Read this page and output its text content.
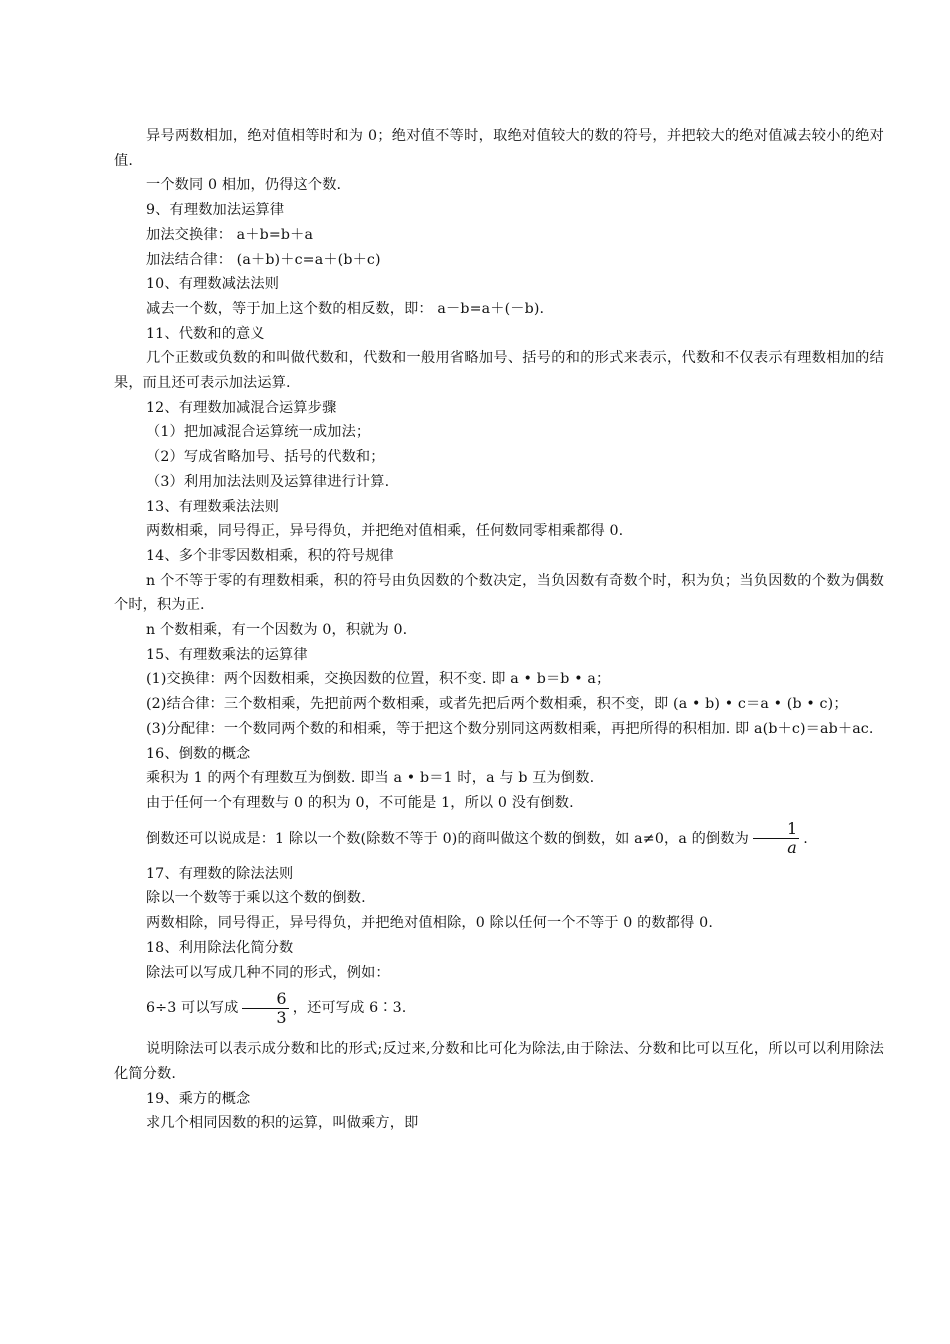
异号两数相加，绝对值相等时和为 0；绝对值不等时，取绝对值较大的数的符号，并把较大的绝对值减去较小的绝对值.

一个数同 0 相加，仍得这个数.

9、有理数加法运算律

加法交换律： a＋b=b＋a

加法结合律： (a＋b)＋c=a＋(b＋c)

10、有理数减法法则

减去一个数，等于加上这个数的相反数，即： a－b=a＋(－b).

11、代数和的意义

几个正数或负数的和叫做代数和，代数和一般用省略加号、括号的和的形式来表示，代数和不仅表示有理数相加的结果，而且还可表示加法运算.

12、有理数加减混合运算步骤

（1）把加减混合运算统一成加法；

（2）写成省略加号、括号的代数和；

（3）利用加法法则及运算律进行计算.

13、有理数乘法法则

两数相乘，同号得正，异号得负，并把绝对值相乘，任何数同零相乘都得 0.

14、多个非零因数相乘，积的符号规律

n 个不等于零的有理数相乘，积的符号由负因数的个数决定，当负因数有奇数个时，积为负；当负因数的个数为偶数个时，积为正.

n 个数相乘，有一个因数为 0，积就为 0.

15、有理数乘法的运算律

(1)交换律：两个因数相乘，交换因数的位置，积不变. 即 a • b＝b • a；

(2)结合律：三个数相乘，先把前两个数相乘，或者先把后两个数相乘，积不变，即 (a • b) • c＝a • (b • c)；

(3)分配律：一个数同两个数的和相乘，等于把这个数分别同这两数相乘，再把所得的积相加. 即 a(b＋c)＝ab＋ac.

16、倒数的概念

乘积为 1 的两个有理数互为倒数. 即当 a • b＝1 时，a 与 b 互为倒数.

由于任何一个有理数与 0 的积为 0，不可能是 1，所以 0 没有倒数.

倒数还可以说成是：1 除以一个数(除数不等于 0)的商叫做这个数的倒数，如 a≠0，a 的倒数为 $\frac{1}{a}$ .

17、有理数的除法法则

除以一个数等于乘以这个数的倒数.

两数相除，同号得正，异号得负，并把绝对值相除，0 除以任何一个不等于 0 的数都得 0.

18、利用除法化简分数

除法可以写成几种不同的形式，例如：

6÷3 可以写成 $\frac{6}{3}$ ，还可写成 6∶3.

说明除法可以表示成分数和比的形式;反过来,分数和比可化为除法,由于除法、分数和比可以互化，所以可以利用除法化简分数.

19、乘方的概念

求几个相同因数的积的运算，叫做乘方，即
